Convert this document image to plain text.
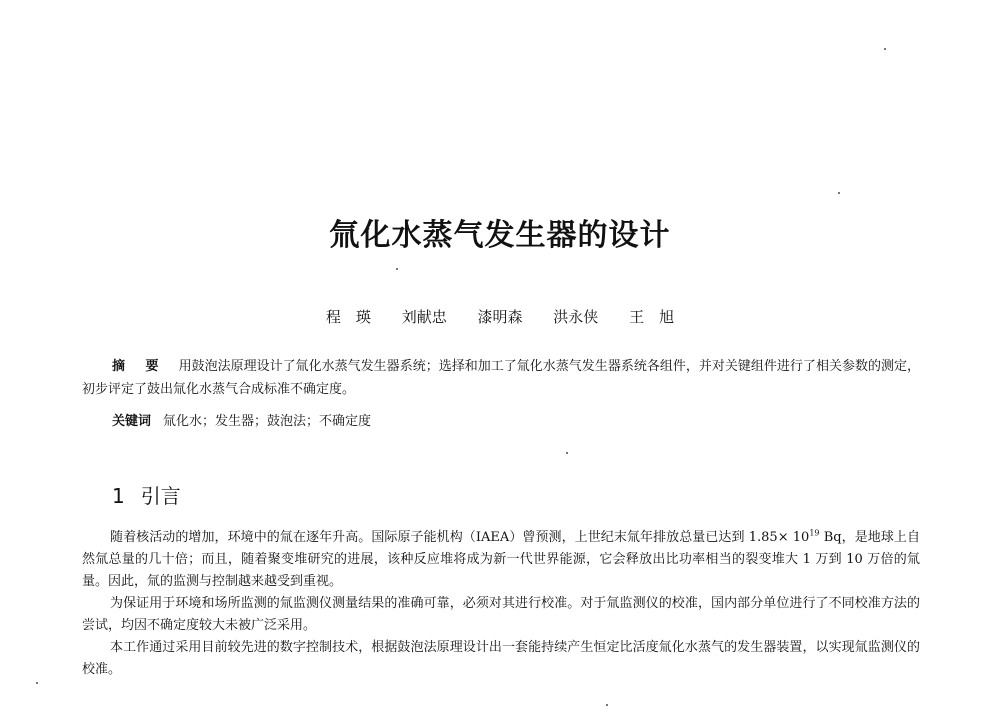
氚化水蒸气发生器的设计
程　瑛 刘献忠 漆明森 洪永侠 王　旭
摘 要 用鼓泡法原理设计了氚化水蒸气发生器系统；选择和加工了氚化水蒸气发生器系统各组件，并对关键组件进行了相关参数的测定，初步评定了鼓出氚化水蒸气合成标准不确定度。
关键词 氚化水；发生器；鼓泡法；不确定度
1 引言

随着核活动的增加，环境中的氚在逐年升高。国际原子能机构（IAEA）曾预测，上世纪末氚年排放总量已达到 $1.85\times 10^{19}$ Bq，是地球上自然氚总量的几十倍；而且，随着聚变堆研究的进展，该种反应堆将成为新一代世界能源，它会释放出比功率相当的裂变堆大 1 万到 10 万倍的氚量。因此，氚的监测与控制越来越受到重视。

为保证用于环境和场所监测的氚监测仪测量结果的准确可靠，必须对其进行校准。对于氚监测仪的校准，国内部分单位进行了不同校准方法的尝试，均因不确定度较大未被广泛采用。

本工作通过采用目前较先进的数字控制技术，根据鼓泡法原理设计出一套能持续产生恒定比活度氚化水蒸气的发生器装置，以实现氚监测仪的校准。
